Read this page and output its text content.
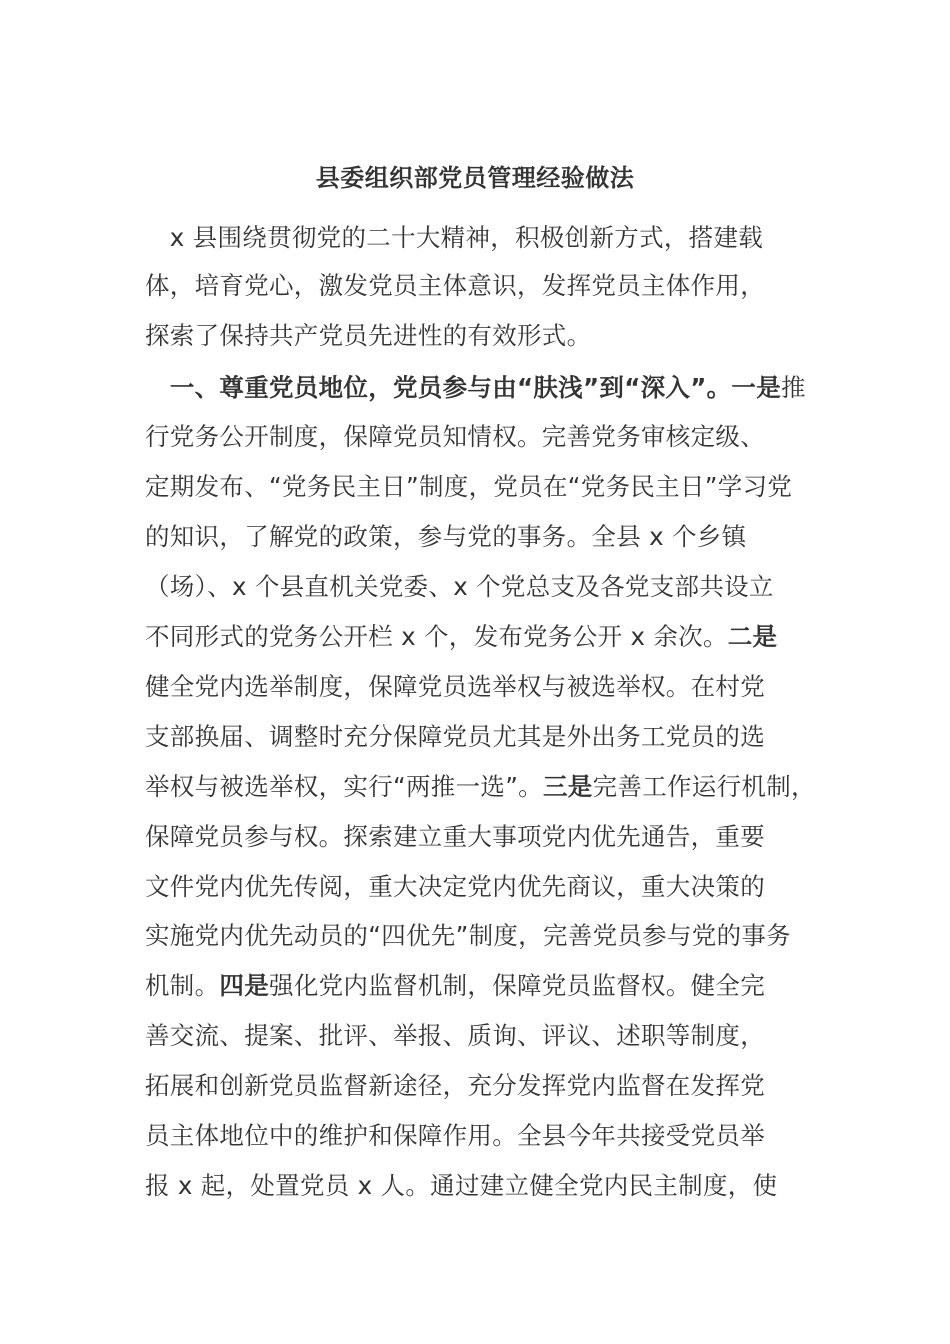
县委组织部党员管理经验做法
　x 县围绕贯彻党的二十大精神，积极创新方式，搭建载
体，培育党心，激发党员主体意识，发挥党员主体作用，
探索了保持共产党员先进性的有效形式。
　一、尊重党员地位，党员参与由“肤浅”到“深入”。一是推
行党务公开制度，保障党员知情权。完善党务审核定级、
定期发布、“党务民主日”制度，党员在“党务民主日”学习党
的知识，了解党的政策，参与党的事务。全县 x 个乡镇
（场）、x 个县直机关党委、x 个党总支及各党支部共设立
不同形式的党务公开栏 x 个，发布党务公开 x 余次。二是
健全党内选举制度，保障党员选举权与被选举权。在村党
支部换届、调整时充分保障党员尤其是外出务工党员的选
举权与被选举权，实行“两推一选”。三是完善工作运行机制，
保障党员参与权。探索建立重大事项党内优先通告，重要
文件党内优先传阅，重大决定党内优先商议，重大决策的
实施党内优先动员的“四优先”制度，完善党员参与党的事务
机制。四是强化党内监督机制，保障党员监督权。健全完
善交流、提案、批评、举报、质询、评议、述职等制度，
拓展和创新党员监督新途径，充分发挥党内监督在发挥党
员主体地位中的维护和保障作用。全县今年共接受党员举
报 x 起，处置党员 x 人。通过建立健全党内民主制度，使
